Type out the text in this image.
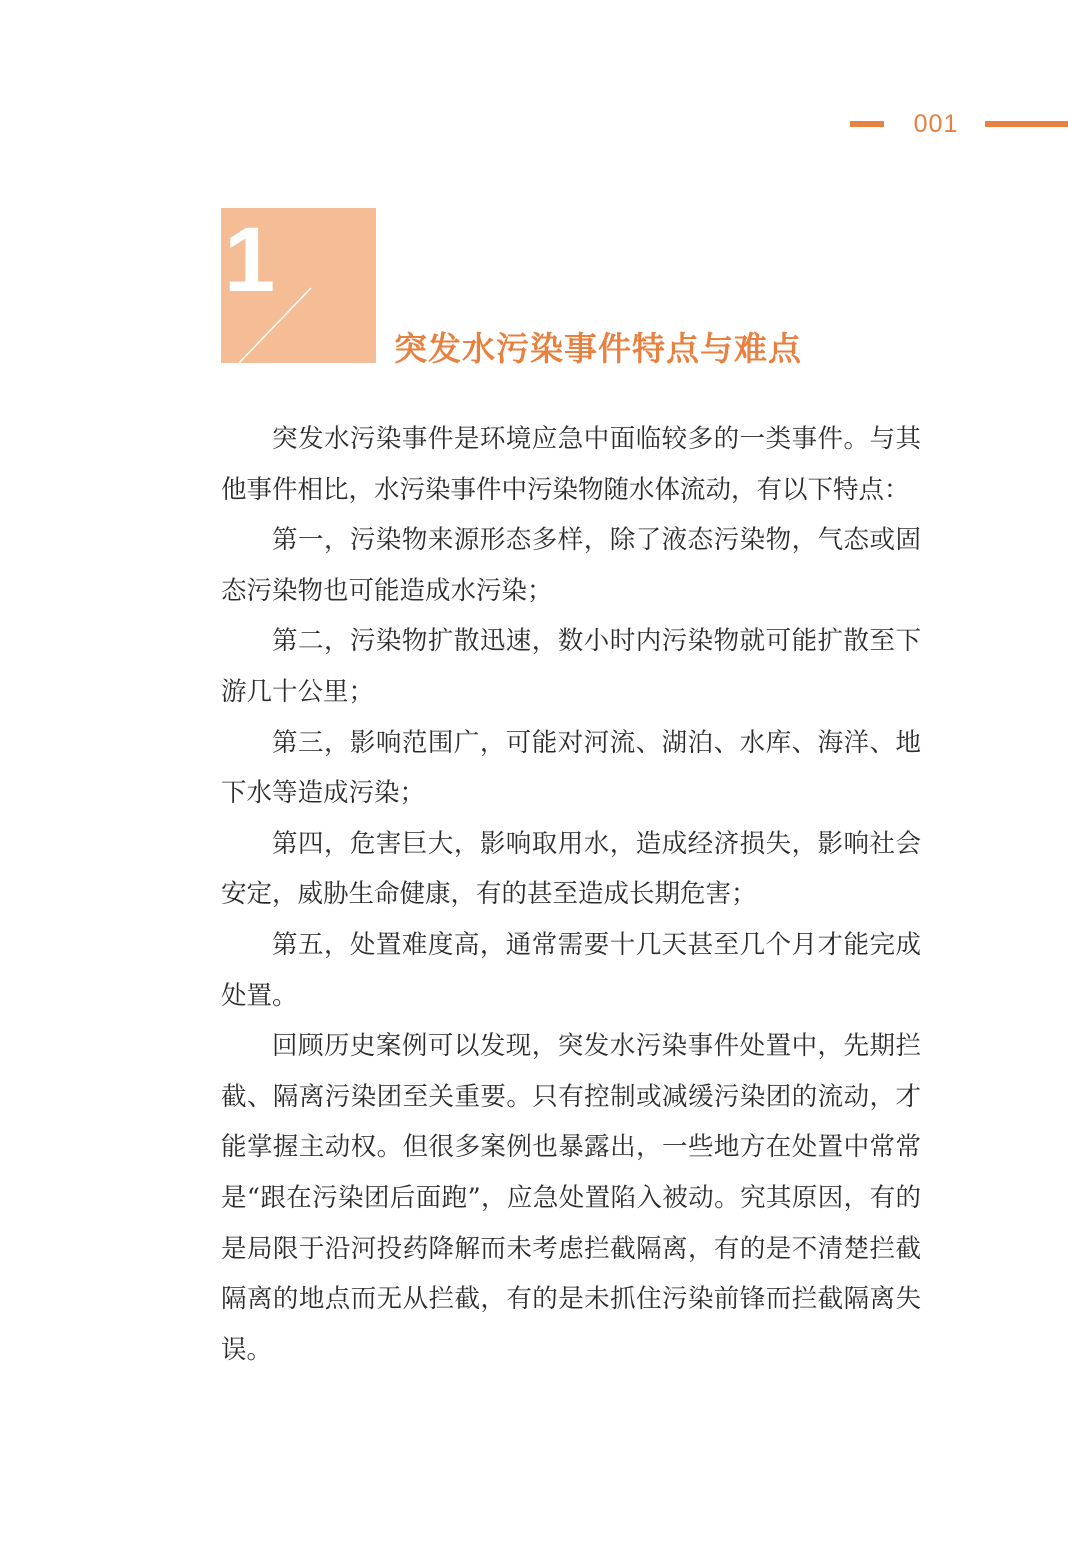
001
1
突发水污染事件特点与难点

突发水污染事件是环境应急中面临较多的一类事件。与其他事件相比，水污染事件中污染物随水体流动，有以下特点：

第一，污染物来源形态多样，除了液态污染物，气态或固态污染物也可能造成水污染；

第二，污染物扩散迅速，数小时内污染物就可能扩散至下游几十公里；

第三，影响范围广，可能对河流、湖泊、水库、海洋、地下水等造成污染；

第四，危害巨大，影响取用水，造成经济损失，影响社会安定，威胁生命健康，有的甚至造成长期危害；

第五，处置难度高，通常需要十几天甚至几个月才能完成处置。

回顾历史案例可以发现，突发水污染事件处置中，先期拦截、隔离污染团至关重要。只有控制或减缓污染团的流动，才能掌握主动权。但很多案例也暴露出，一些地方在处置中常常是“跟在污染团后面跑”，应急处置陷入被动。究其原因，有的是局限于沿河投药降解而未考虑拦截隔离，有的是不清楚拦截隔离的地点而无从拦截，有的是未抓住污染前锋而拦截隔离失误。
